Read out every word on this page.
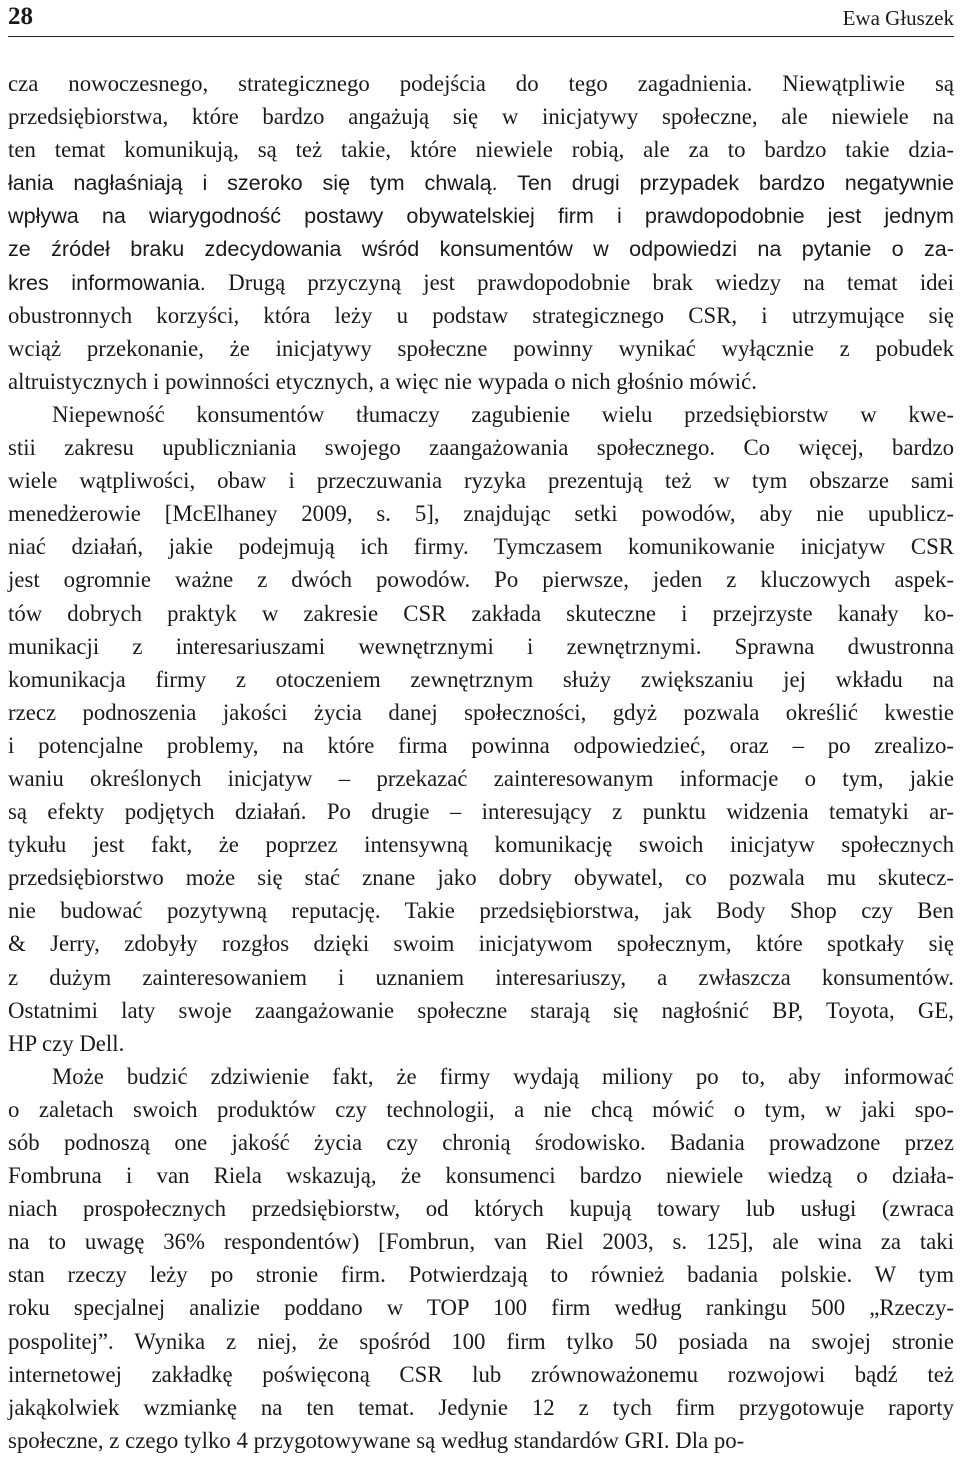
28	Ewa Głuszek
cza nowoczesnego, strategicznego podejścia do tego zagadnienia. Niewątpliwie są
przedsiębiorstwa, które bardzo angażują się w inicjatywy społeczne, ale niewiele na
ten temat komunikują, są też takie, które niewiele robią, ale za to bardzo takie dzia-
łania nagłaśniają i szeroko się tym chwalą. Ten drugi przypadek bardzo negatywnie
wpływa na wiarygodność postawy obywatelskiej firm i prawdopodobnie jest jednym
ze źródeł braku zdecydowania wśród konsumentów w odpowiedzi na pytanie o za-
kres informowania. Drugą przyczyną jest prawdopodobnie brak wiedzy na temat idei
obustronnych korzyści, która leży u podstaw strategicznego CSR, i utrzymujące się
wciąż przekonanie, że inicjatywy społeczne powinny wynikać wyłącznie z pobudek
altruistycznych i powinności etycznych, a więc nie wypada o nich głośnio mówić.
Niepewność konsumentów tłumaczy zagubienie wielu przedsiębiorstw w kwe-
stii zakresu upubliczniania swojego zaangażowania społecznego. Co więcej, bardzo
wiele wątpliwości, obaw i przeczuwania ryzyka prezentują też w tym obszarze sami
menedżerowie [McElhaney 2009, s. 5], znajdując setki powodów, aby nie upublicz-
niać działań, jakie podejmują ich firmy. Tymczasem komunikowanie inicjatyw CSR
jest ogromnie ważne z dwóch powodów. Po pierwsze, jeden z kluczowych aspek-
tów dobrych praktyk w zakresie CSR zakłada skuteczne i przejrzyste kanały ko-
munikacji z interesariuszami wewnętrznymi i zewnętrznymi. Sprawna dwustronna
komunikacja firmy z otoczeniem zewnętrznym służy zwiększaniu jej wkładu na
rzecz podnoszenia jakości życia danej społeczności, gdyż pozwala określić kwestie
i potencjalne problemy, na które firma powinna odpowiedzieć, oraz – po zrealizo-
waniu określonych inicjatyw – przekazać zainteresowanym informacje o tym, jakie
są efekty podjętych działań. Po drugie – interesujący z punktu widzenia tematyki ar-
tykułu jest fakt, że poprzez intensywną komunikację swoich inicjatyw społecznych
przedsiębiorstwo może się stać znane jako dobry obywatel, co pozwala mu skutecz-
nie budować pozytywną reputację. Takie przedsiębiorstwa, jak Body Shop czy Ben
& Jerry, zdobyły rozgłos dzięki swoim inicjatywom społecznym, które spotkały się
z dużym zainteresowaniem i uznaniem interesariuszy, a zwłaszcza konsumentów.
Ostatnimi laty swoje zaangażowanie społeczne starają się nagłośnić BP, Toyota, GE,
HP czy Dell.
Może budzić zdziwienie fakt, że firmy wydają miliony po to, aby informować
o zaletach swoich produktów czy technologii, a nie chcą mówić o tym, w jaki spo-
sób podnoszą one jakość życia czy chronią środowisko. Badania prowadzone przez
Fombruna i van Riela wskazują, że konsumenci bardzo niewiele wiedzą o działa-
niach prospołecznych przedsiębiorstw, od których kupują towary lub usługi (zwraca
na to uwagę 36% respondentów) [Fombrun, van Riel 2003, s. 125], ale wina za taki
stan rzeczy leży po stronie firm. Potwierdzają to również badania polskie. W tym
roku specjalnej analizie poddano w TOP 100 firm według rankingu 500 „Rzeczy-
pospolitej”. Wynika z niej, że spośród 100 firm tylko 50 posiada na swojej stronie
internetowej zakładkę poświęconą CSR lub zrównoważonemu rozwojowi bądź też
jakąkolwiek wzmiankę na ten temat. Jedynie 12 z tych firm przygotowuje raporty
społeczne, z czego tylko 4 przygotowywane są według standardów GRI. Dla po-
